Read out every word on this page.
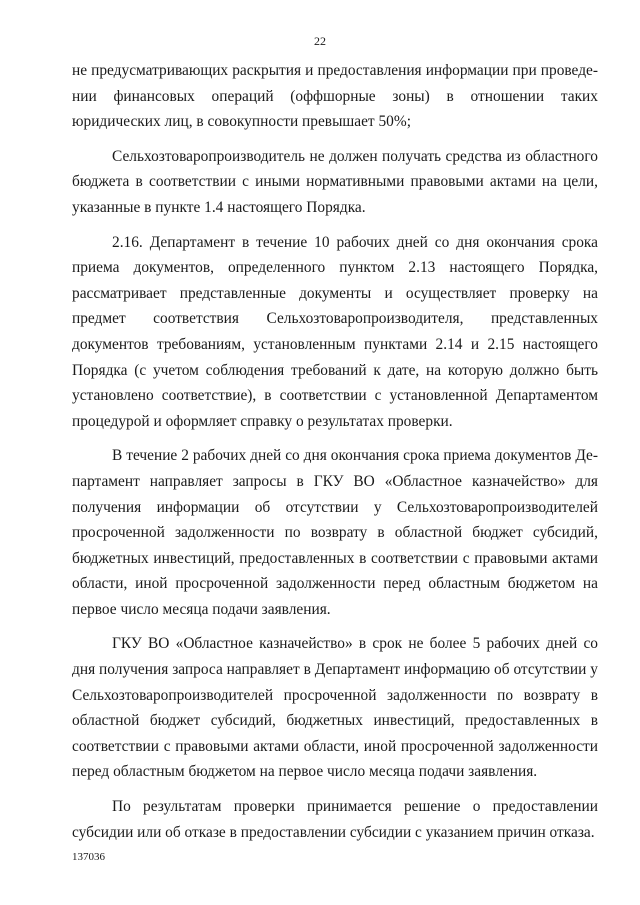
22

не предусматривающих раскрытия и предоставления информации при проведении финансовых операций (оффшорные зоны) в отношении таких юридических лиц, в совокупности превышает 50%;

Сельхозтоваропроизводитель не должен получать средства из областного бюджета в соответствии с иными нормативными правовыми актами на цели, указанные в пункте 1.4 настоящего Порядка.

2.16. Департамент в течение 10 рабочих дней со дня окончания срока приема документов, определенного пунктом 2.13 настоящего Порядка, рассматривает представленные документы и осуществляет проверку на предмет соответствия Сельхозтоваропроизводителя, представленных документов требованиям, установленным пунктами 2.14 и 2.15 настоящего Порядка (с учетом соблюдения требований к дате, на которую должно быть установлено соответствие), в соответствии с установленной Департаментом процедурой и оформляет справку о результатах проверки.

В течение 2 рабочих дней со дня окончания срока приема документов Департамент направляет запросы в ГКУ ВО «Областное казначейство» для получения информации об отсутствии у Сельхозтоваропроизводителей просроченной задолженности по возврату в областной бюджет субсидий, бюджетных инвестиций, предоставленных в соответствии с правовыми актами области, иной просроченной задолженности перед областным бюджетом на первое число месяца подачи заявления.

ГКУ ВО «Областное казначейство» в срок не более 5 рабочих дней со дня получения запроса направляет в Департамент информацию об отсутствии у Сельхозтоваропроизводителей просроченной задолженности по возврату в областной бюджет субсидий, бюджетных инвестиций, предоставленных в соответствии с правовыми актами области, иной просроченной задолженности перед областным бюджетом на первое число месяца подачи заявления.

По результатам проверки принимается решение о предоставлении субсидии или об отказе в предоставлении субсидии с указанием причин отказа.

137036
